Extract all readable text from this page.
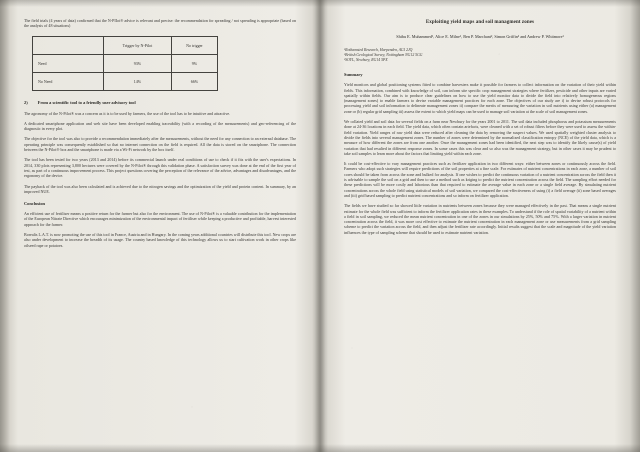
The field trials (4 years of data) confirmed that the N-PIIot® advice is relevant and precise: the recommendation for spreading / not spreading is appropriate (based on the analysis of 48 situations)
	Trigger by N-Pilot	No trigger
Need	93%	9%
No Need	14%	66%
2) From a scientific tool to a friendly user advisory tool
The agronomy of the N-Pilot® was a concern as it is to be used by farmers, the use of the tool has to be intuitive and attractive.
A dedicated smartphone application and web site have been developed enabling traceability (with a recording of the measurements) and geo-referencing of the diagnostic in every plot.
The objective for the tool was also to provide a recommendation immediately after the measurements, without the need for any connection to an external database. The operating principle was consequently established so that no internet connection on the field is required. All the data is stored on the smartphone. The connection between the N-Pilot® box and the smartphone is made via a Wi-Fi network by the box itself.
The tool has been tested for two years (2013 and 2014) before its commercial launch under real conditions of use to check if it fits with the user's expectations. In 2014, 330 plots representing 3,800 hectares were covered by the N-Pilot® through this validation phase. A satisfaction survey was done at the end of the first year of test, as part of a continuous improvement process. This project questions covering the perception of the relevance of the advice, advantages and disadvantages, and the ergonomy of the device.
The payback of the tool was also been calculated and is achieved due to the nitrogen savings and the optimization of the yield and protein content. In summary, by an improved NUE.
Conclusion
An efficient use of fertiliser means a positive return for the farmer but also for the environment. The use of N-Pilot® is a valuable contribution for the implementation of the European Nitrate Directive which encourages minimization of the environmental impact of fertiliser while keeping a productive and profitable, harvest interested approach for the farmer.
Borealis L.A.T. is now promoting the use of this tool in France, Austria and in Hungary. In the coming years additional countries will distribute this tool. New crops are also under development to increase the breadth of its usage. The country based knowledge of this technology allows us to start cultivation work in other crops like oilseed rape or potatoes.
Exploiting yield maps and soil managment zones
Shibu E. Muhammed¹, Alice E. Milne¹, Ben P. Marchant², Simon Griffin³ and Andrew P. Whitmore¹
¹Rothamsted Research, Harpenden, AL5 2JQ
²British Geological Survey, Nottingham NG12 5GG
³SOYL, Newbury, RG14 5PX
Summary
Yield monitors and global positioning systems fitted to combine harvesters make it possible for farmers to collect information on the variation of their yield within fields. This information, combined with knowledge of soil, can inform site specific crop management strategies where fertilizer, pesticide and other inputs are varied spatially within fields. Our aim is to produce clear guidelines on how to use the yield monitor data to divide the field into relatively homogeneous regions (management zones) to enable farmers to devise variable management practices for each zone. The objectives of our study are i) to devise robust protocols for processing yield and soil information to delineate management zones ii) compare the merits of measuring the variation in soil nutrients using either (a) management zone or (b) regular grid sampling iii) assess the extent to which yield maps can be used to manage soil variation at the scale of soil management zones.
We collated yield and soil data for several fields on a farm near Newbury for the years 2001 to 2011. The soil data included phosphorus and potassium measurements done at 24-36 locations in each field. The yield data, which often contain artefacts, were cleaned with a set of robust filters before they were used to assess the within-field variation. Yield ranges of raw yield data were reduced after cleaning the data by removing the suspect values. We used spatially weighted cluster analysis to divide the fields into several management zones. The number of zones were determined by the normalized classification entropy (NCE) of the yield data, which is a measure of how different the zones are from one another. Once the management zones had been identified, the next step was to identify the likely cause(s) of yield variation that had resulted in different response zones. In some cases this was clear and so also was the management strategy, but in other cases it may be prudent to take soil samples to learn more about the factors that limiting yield within each zone.
It could be cost-effective to vary management practices such as fertilizer application in two different ways: either between zones or continuously across the field. Farmers who adopt such strategies will require predictions of the soil properties at a fine scale. For estimates of nutrient concentrations in each zone, a number of soil cores should be taken from across the zone and bulked for analysis. If one wishes to predict the continuous variation of a nutrient concentration across the field then it is advisable to sample the soil on a grid and then to use a method such as kriging to predict the nutrient concentration across the field. The sampling effort needed for these predictions will be more costly and laborious than that required to estimate the average value in each zone or a single field average. By simulating nutrient concentrations across the whole field using statistical models of soil variation, we compared the cost-effectiveness of using (i) a field average (ii) zone based averages and (iii) grid based sampling to predict nutrient concentrations and so inform on fertilizer application.
The fields we have studied so far showed little variation in nutrients between zones because they were managed effectively in the past. That means a single nutrient estimate for the whole field was sufficient to inform the fertilizer application rates in these examples. To understand if the role of spatial variability of a nutrient within a field in soil sampling, we reduced the mean nutrient concentration in one of the zones in our simulations by 25%, 50% and 75%. With a larger variation in nutrient concentration across the field, it was more cost effective to estimate the nutrient concentration in each management zone or use measurements from a grid sampling scheme to predict the variation across the field, and then adjust the fertilizer rate accordingly. Initial results suggest that the scale and magnitude of the yield variation influences the type of sampling scheme that should be used to estimate nutrient variation.
